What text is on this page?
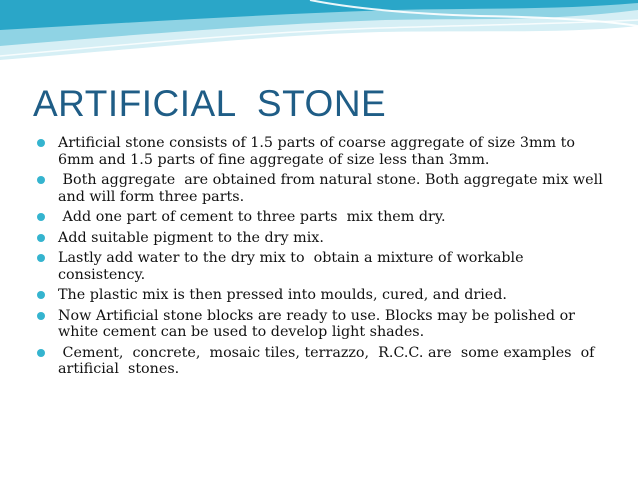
ARTIFICIAL  STONE
Artificial stone consists of 1.5 parts of coarse aggregate of size 3mm to 6mm and 1.5 parts of fine aggregate of size less than 3mm.
Both aggregate  are obtained from natural stone. Both aggregate mix well  and will form three parts.
Add one part of cement to three parts  mix them dry.
Add suitable pigment to the dry mix.
Lastly add water to the dry mix to  obtain a mixture of workable consistency.
The plastic mix is then pressed into moulds, cured, and dried.
Now Artificial stone blocks are ready to use. Blocks may be polished or white cement can be used to develop light shades.
Cement,  concrete,  mosaic tiles, terrazzo,  R.C.C. are  some examples  of artificial  stones.
